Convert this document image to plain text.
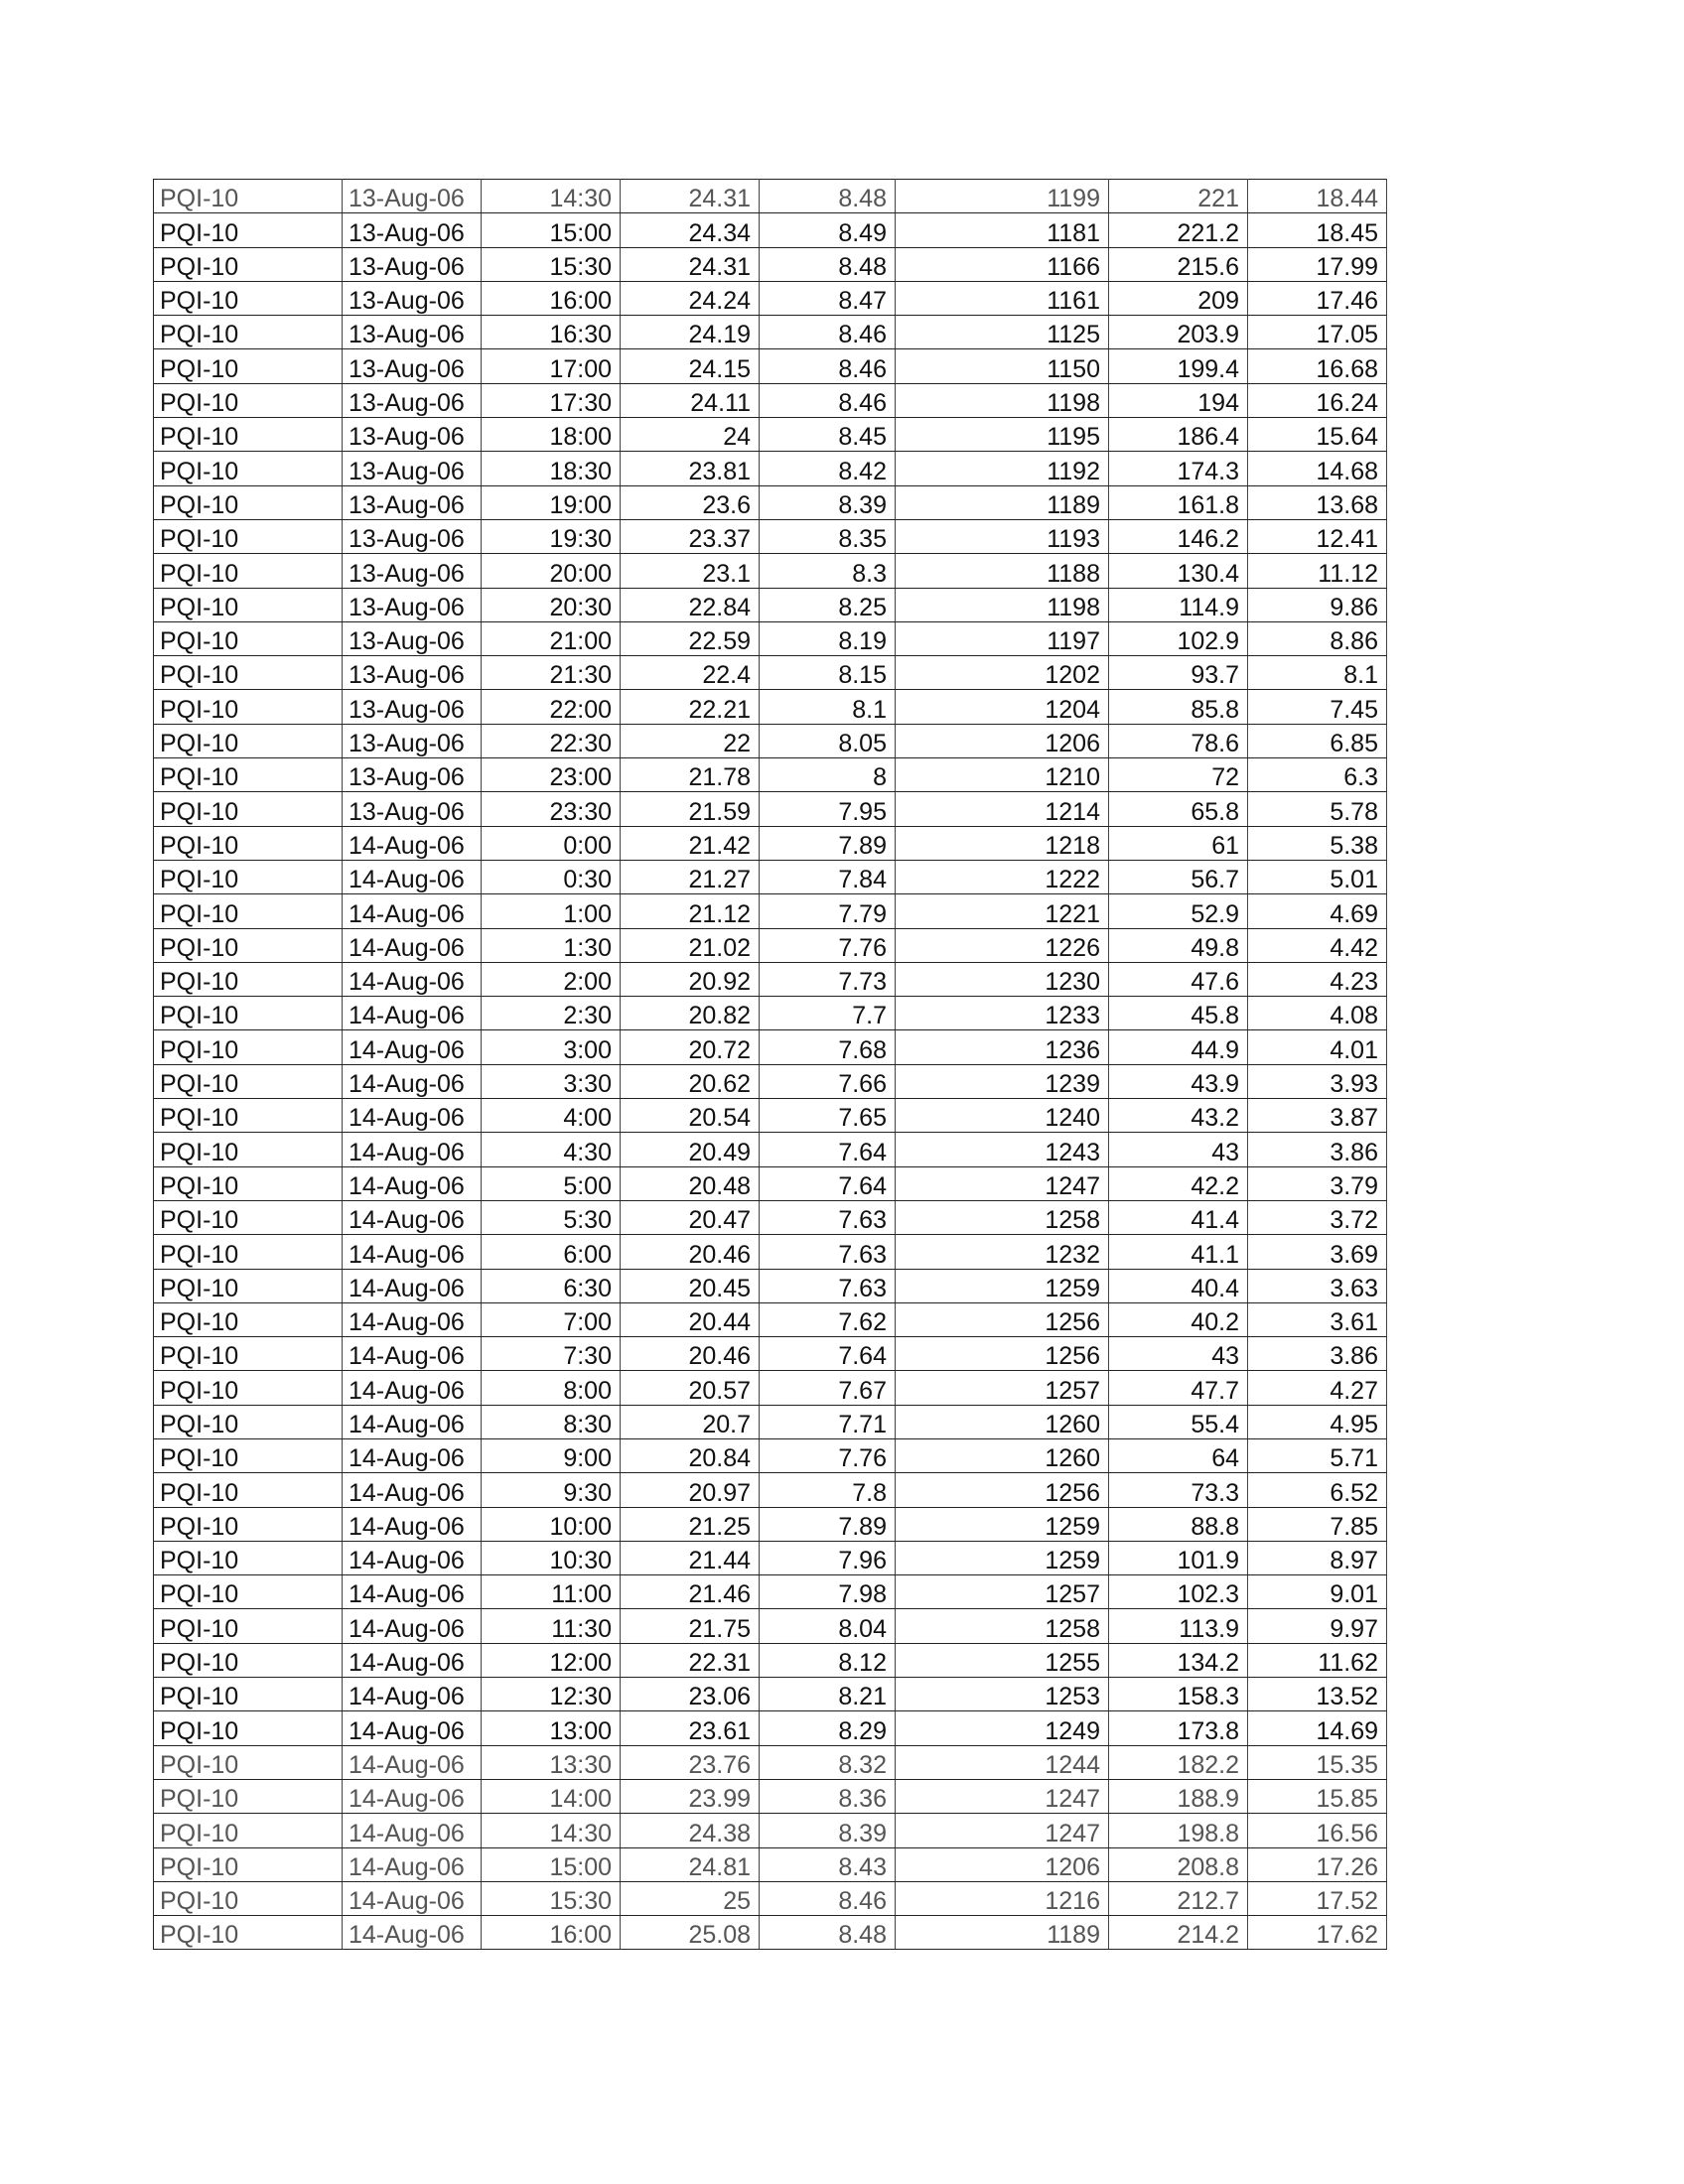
PQI-10	13-Aug-06	14:30	24.31	8.48	1199	221	18.44
PQI-10	13-Aug-06	15:00	24.34	8.49	1181	221.2	18.45
PQI-10	13-Aug-06	15:30	24.31	8.48	1166	215.6	17.99
PQI-10	13-Aug-06	16:00	24.24	8.47	1161	209	17.46
PQI-10	13-Aug-06	16:30	24.19	8.46	1125	203.9	17.05
PQI-10	13-Aug-06	17:00	24.15	8.46	1150	199.4	16.68
PQI-10	13-Aug-06	17:30	24.11	8.46	1198	194	16.24
PQI-10	13-Aug-06	18:00	24	8.45	1195	186.4	15.64
PQI-10	13-Aug-06	18:30	23.81	8.42	1192	174.3	14.68
PQI-10	13-Aug-06	19:00	23.6	8.39	1189	161.8	13.68
PQI-10	13-Aug-06	19:30	23.37	8.35	1193	146.2	12.41
PQI-10	13-Aug-06	20:00	23.1	8.3	1188	130.4	11.12
PQI-10	13-Aug-06	20:30	22.84	8.25	1198	114.9	9.86
PQI-10	13-Aug-06	21:00	22.59	8.19	1197	102.9	8.86
PQI-10	13-Aug-06	21:30	22.4	8.15	1202	93.7	8.1
PQI-10	13-Aug-06	22:00	22.21	8.1	1204	85.8	7.45
PQI-10	13-Aug-06	22:30	22	8.05	1206	78.6	6.85
PQI-10	13-Aug-06	23:00	21.78	8	1210	72	6.3
PQI-10	13-Aug-06	23:30	21.59	7.95	1214	65.8	5.78
PQI-10	14-Aug-06	0:00	21.42	7.89	1218	61	5.38
PQI-10	14-Aug-06	0:30	21.27	7.84	1222	56.7	5.01
PQI-10	14-Aug-06	1:00	21.12	7.79	1221	52.9	4.69
PQI-10	14-Aug-06	1:30	21.02	7.76	1226	49.8	4.42
PQI-10	14-Aug-06	2:00	20.92	7.73	1230	47.6	4.23
PQI-10	14-Aug-06	2:30	20.82	7.7	1233	45.8	4.08
PQI-10	14-Aug-06	3:00	20.72	7.68	1236	44.9	4.01
PQI-10	14-Aug-06	3:30	20.62	7.66	1239	43.9	3.93
PQI-10	14-Aug-06	4:00	20.54	7.65	1240	43.2	3.87
PQI-10	14-Aug-06	4:30	20.49	7.64	1243	43	3.86
PQI-10	14-Aug-06	5:00	20.48	7.64	1247	42.2	3.79
PQI-10	14-Aug-06	5:30	20.47	7.63	1258	41.4	3.72
PQI-10	14-Aug-06	6:00	20.46	7.63	1232	41.1	3.69
PQI-10	14-Aug-06	6:30	20.45	7.63	1259	40.4	3.63
PQI-10	14-Aug-06	7:00	20.44	7.62	1256	40.2	3.61
PQI-10	14-Aug-06	7:30	20.46	7.64	1256	43	3.86
PQI-10	14-Aug-06	8:00	20.57	7.67	1257	47.7	4.27
PQI-10	14-Aug-06	8:30	20.7	7.71	1260	55.4	4.95
PQI-10	14-Aug-06	9:00	20.84	7.76	1260	64	5.71
PQI-10	14-Aug-06	9:30	20.97	7.8	1256	73.3	6.52
PQI-10	14-Aug-06	10:00	21.25	7.89	1259	88.8	7.85
PQI-10	14-Aug-06	10:30	21.44	7.96	1259	101.9	8.97
PQI-10	14-Aug-06	11:00	21.46	7.98	1257	102.3	9.01
PQI-10	14-Aug-06	11:30	21.75	8.04	1258	113.9	9.97
PQI-10	14-Aug-06	12:00	22.31	8.12	1255	134.2	11.62
PQI-10	14-Aug-06	12:30	23.06	8.21	1253	158.3	13.52
PQI-10	14-Aug-06	13:00	23.61	8.29	1249	173.8	14.69
PQI-10	14-Aug-06	13:30	23.76	8.32	1244	182.2	15.35
PQI-10	14-Aug-06	14:00	23.99	8.36	1247	188.9	15.85
PQI-10	14-Aug-06	14:30	24.38	8.39	1247	198.8	16.56
PQI-10	14-Aug-06	15:00	24.81	8.43	1206	208.8	17.26
PQI-10	14-Aug-06	15:30	25	8.46	1216	212.7	17.52
PQI-10	14-Aug-06	16:00	25.08	8.48	1189	214.2	17.62
